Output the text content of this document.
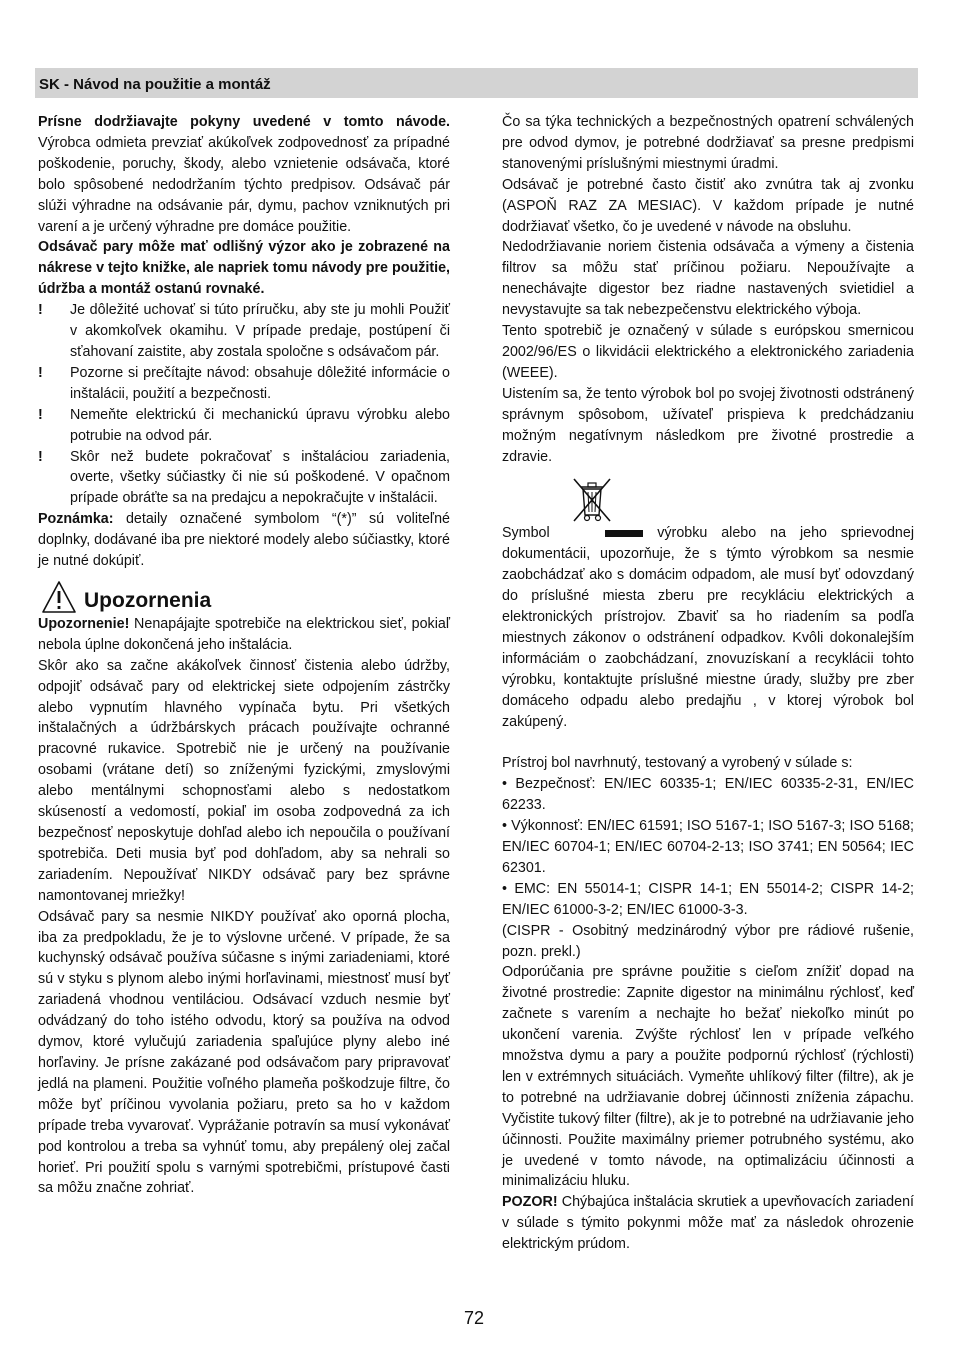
SK - Návod na použitie a montáž

Prísne dodržiavajte pokyny uvedené v tomto návode. Výrobca odmieta prevziať akúkoľvek zodpovednosť za prípadné poškodenie, poruchy, škody, alebo vznietenie odsávača, ktoré bolo spôsobené nedodržaním týchto predpisov. Odsávač pár slúži výhradne na odsávanie pár, dymu, pachov vzniknutých pri varení a je určený výhradne pre domáce použitie.

Odsávač pary môže mať odlišný výzor ako je zobrazené na nákrese v tejto knižke, ale napriek tomu návody pre použitie, údržba a montáž ostanú rovnaké.

!	Je dôležité uchovať si túto príručku, aby ste ju mohli Použiť v akomkoľvek okamihu. V prípade predaje, postúpení či sťahovaní zaistite, aby zostala spoločne s odsávačom pár.
!	Pozorne si prečítajte návod: obsahuje dôležité informácie o inštalácii, použití a bezpečnosti.
!	Nemeňte elektrickú či mechanickú úpravu výrobku alebo potrubie na odvod pár.
!	Skôr než budete pokračovať s inštaláciou zariadenia, overte, všetky súčiastky či nie sú poškodené. V opačnom prípade obráťte sa na predajcu a nepokračujte v inštalácii.

Poznámka: detaily označené symbolom “(*)” sú voliteľné doplnky, dodávané iba pre niektoré modely alebo súčiastky, ktoré je nutné dokúpiť.

Upozornenia

Upozornenie! Nenapájajte spotrebiče na elektrickou sieť, pokiaľ nebola úplne dokončená jeho inštalácia.

Skôr ako sa začne akákoľvek činnosť čistenia alebo údržby, odpojiť odsávač pary od elektrickej siete odpojením zástrčky alebo vypnutím hlavného vypínača bytu. Pri všetkých inštalačných a údržbárskych prácach používajte ochranné pracovné rukavice. Spotrebič nie je určený na používanie osobami (vrátane detí) so zníženými fyzickými, zmyslovými alebo mentálnymi schopnosťami alebo s nedostatkom skúseností a vedomostí, pokiaľ im osoba zodpovedná za ich bezpečnosť neposkytuje dohľad alebo ich nepoučila o používaní spotrebiča. Deti musia byť pod dohľadom, aby sa nehrali so zariadením. Nepoužívať NIKDY odsávač pary bez správne namontovanej mriežky!

Odsávač pary sa nesmie NIKDY používať ako oporná plocha, iba za predpokladu, že je to výslovne určené. V prípade, že sa kuchynský odsávač používa súčasne s inými zariadeniami, ktoré sú v styku s plynom alebo inými horľavinami, miestnosť musí byť zariadená vhodnou ventiláciou. Odsávací vzduch nesmie byť odvádzaný do toho istého odvodu, ktorý sa používa na odvod dymov, ktoré vylučujú zariadenia spaľujúce plyny alebo iné horľaviny. Je prísne zakázané pod odsávačom pary pripravovať jedlá na plameni. Použitie voľného plameňa poškodzuje filtre, čo môže byť príčinou vyvolania požiaru, preto sa ho v každom prípade treba vyvarovať. Vyprážanie potravín sa musí vykonávať pod kontrolou a treba sa vyhnúť tomu, aby prepálený olej začal horieť. Pri použití spolu s varnými spotrebičmi, prístupové časti sa môžu značne zohriať.

Čo sa týka technických a bezpečnostných opatrení schválených pre odvod dymov, je potrebné dodržiavať sa presne predpismi stanovenými príslušnými miestnymi úradmi.

Odsávač je potrebné často čistiť ako zvnútra tak aj zvonku (ASPOŇ RAZ ZA MESIAC). V každom prípade je nutné dodržiavať všetko, čo je uvedené v návode na obsluhu.

Nedodržiavanie noriem čistenia odsávača a výmeny a čistenia filtrov sa môžu stať príčinou požiaru. Nepoužívajte a nenechávajte digestor bez riadne nastavených svietidiel a nevystavujte sa tak nebezpečenstvu elektrického výboja.

Tento spotrebič je označený v súlade s európskou smernicou 2002/96/ES o likvidácii elektrického a elektronického zariadenia (WEEE).

Uistením sa, že tento výrobok bol po svojej životnosti odstránený správnym spôsobom, užívateľ prispieva k predchádzaniu možným negatívnym následkom pre životné prostredie a zdravie.

Symbol	výrobku alebo na jeho sprievodnej dokumentácii, upozorňuje, že s týmto výrobkom sa nesmie zaobchádzať ako s domácim odpadom, ale musí byť odovzdaný do príslušné miesta zberu pre recykláciu elektrických a elektronických prístrojov. Zbaviť sa ho riadením sa podľa miestnych zákonov o odstránení odpadkov. Kvôli dokonalejším informáciám o zaobchádzaní, znovuzískaní a recyklácii tohto výrobku, kontaktujte príslušné miestne úrady, služby pre zber domáceho odpadu alebo predajňu , v ktorej výrobok bol zakúpený.

Prístroj bol navrhnutý, testovaný a vyrobený v súlade s:

• Bezpečnosť: EN/IEC 60335-1; EN/IEC 60335-2-31, EN/IEC 62233.

• Výkonnosť: EN/IEC 61591; ISO 5167-1; ISO 5167-3; ISO 5168; EN/IEC 60704-1; EN/IEC 60704-2-13; ISO 3741; EN 50564; IEC 62301.

• EMC: EN 55014-1; CISPR 14-1; EN 55014-2; CISPR 14-2; EN/IEC 61000-3-2; EN/IEC 61000-3-3.

(CISPR - Osobitný medzinárodný výbor pre rádiové rušenie, pozn. prekl.)

Odporúčania pre správne použitie s cieľom znížiť dopad na životné prostredie: Zapnite digestor na minimálnu rýchlosť, keď začnete s varením a nechajte ho bežať niekoľko minút po ukončení varenia. Zvýšte rýchlosť len v prípade veľkého množstva dymu a pary a použite podpornú rýchlosť (rýchlosti) len v extrémnych situáciách. Vymeňte uhlíkový filter (filtre), ak je to potrebné na udržiavanie dobrej účinnosti zníženia zápachu. Vyčistite tukový filter (filtre), ak je to potrebné na udržiavanie jeho účinnosti. Použite maximálny priemer potrubného systému, ako je uvedené v tomto návode, na optimalizáciu účinnosti a minimalizáciu hluku.

POZOR! Chýbajúca inštalácia skrutiek a upevňovacích zariadení v súlade s týmito pokynmi môže mať za následok ohrozenie elektrickým prúdom.

72
